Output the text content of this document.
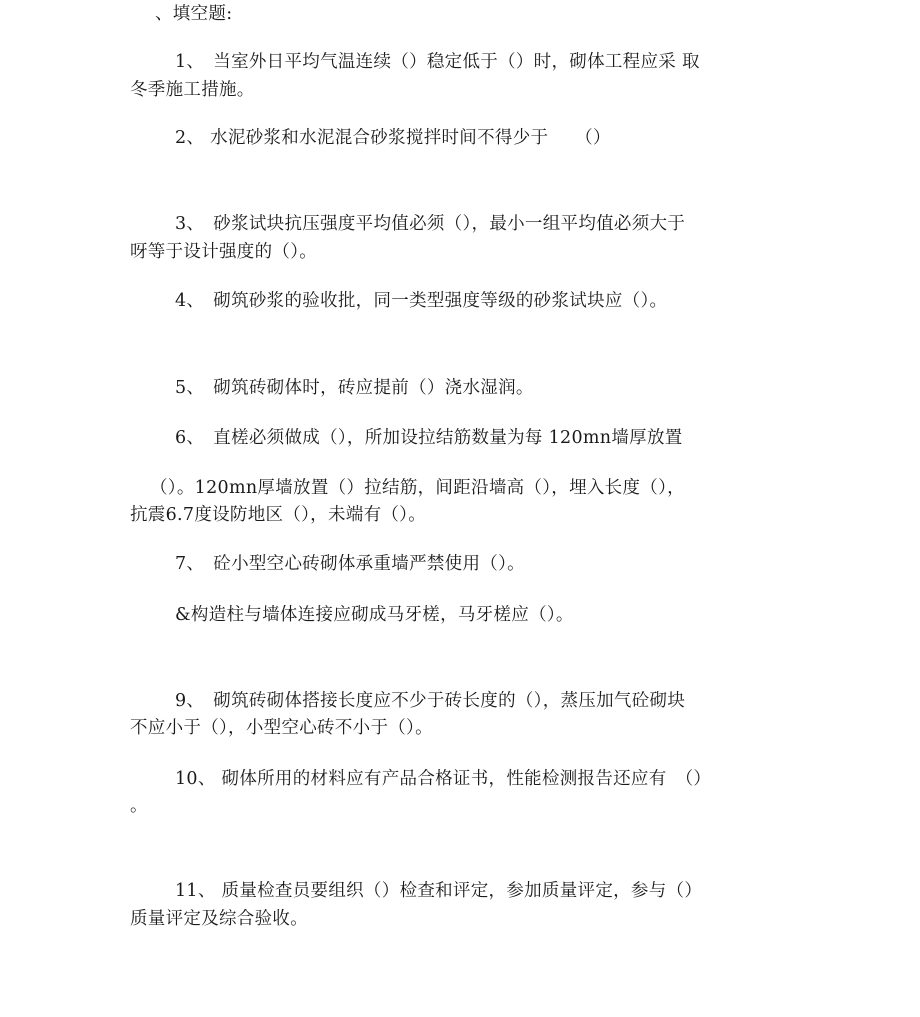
、填空题:
1、　当室外日平均气温连续（）稳定低于（）时，砌体工程应采 取
冬季施工措施。
2、 水泥砂浆和水泥混合砂浆搅拌时间不得少于　　（）
3、　砂浆试块抗压强度平均值必须（），最小一组平均值必须大于
呀等于设计强度的（）。
4、　砌筑砂浆的验收批，同一类型强度等级的砂浆试块应（）。
5、　砌筑砖砌体时，砖应提前（）浇水湿润。
6、　直槎必须做成（），所加设拉结筋数量为每 120mn墙厚放置
（）。120mn厚墙放置（）拉结筋，间距沿墙高（），埋入长度（），
抗震6.7度设防地区（），未端有（）。
7、　砼小型空心砖砌体承重墙严禁使用（）。
&构造柱与墙体连接应砌成马牙槎，马牙槎应（）。
9、　砌筑砖砌体搭接长度应不少于砖长度的（），蒸压加气砼砌块
不应小于（），小型空心砖不小于（）。
10、 砌体所用的材料应有产品合格证书，性能检测报告还应有　（）
。
11、 质量检查员要组织（）检查和评定，参加质量评定，参与（）
质量评定及综合验收。
